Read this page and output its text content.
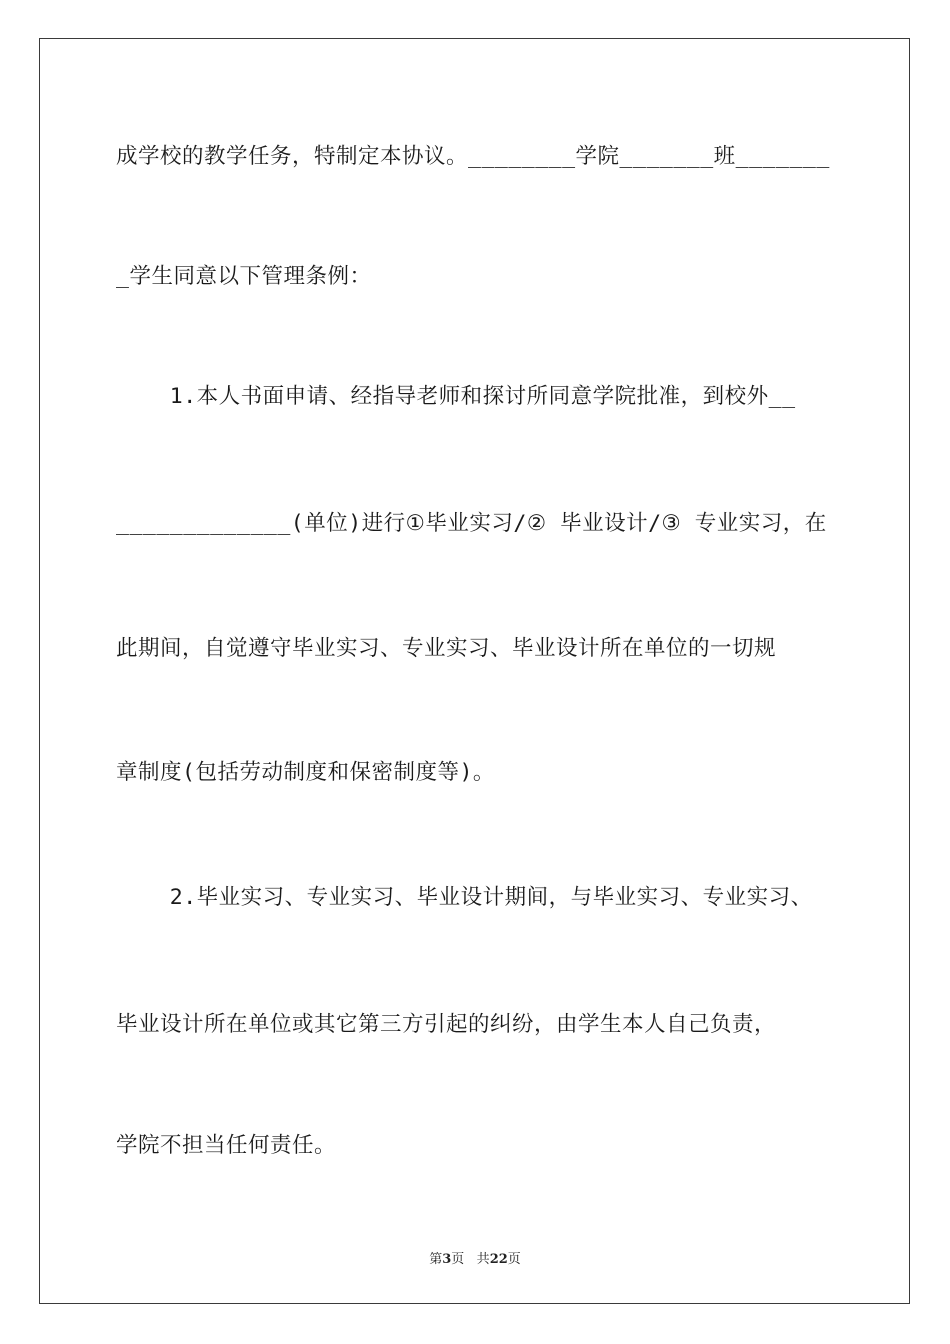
成学校的教学任务，特制定本协议。________学院_______班_______
_学生同意以下管理条例：
1.本人书面申请、经指导老师和探讨所同意学院批准，到校外__
_____________(单位)进行①毕业实习/② 毕业设计/③ 专业实习，在
此期间，自觉遵守毕业实习、专业实习、毕业设计所在单位的一切规
章制度(包括劳动制度和保密制度等)。
2.毕业实习、专业实习、毕业设计期间，与毕业实习、专业实习、
毕业设计所在单位或其它第三方引起的纠纷，由学生本人自己负责，
学院不担当任何责任。
第3页 共22页
